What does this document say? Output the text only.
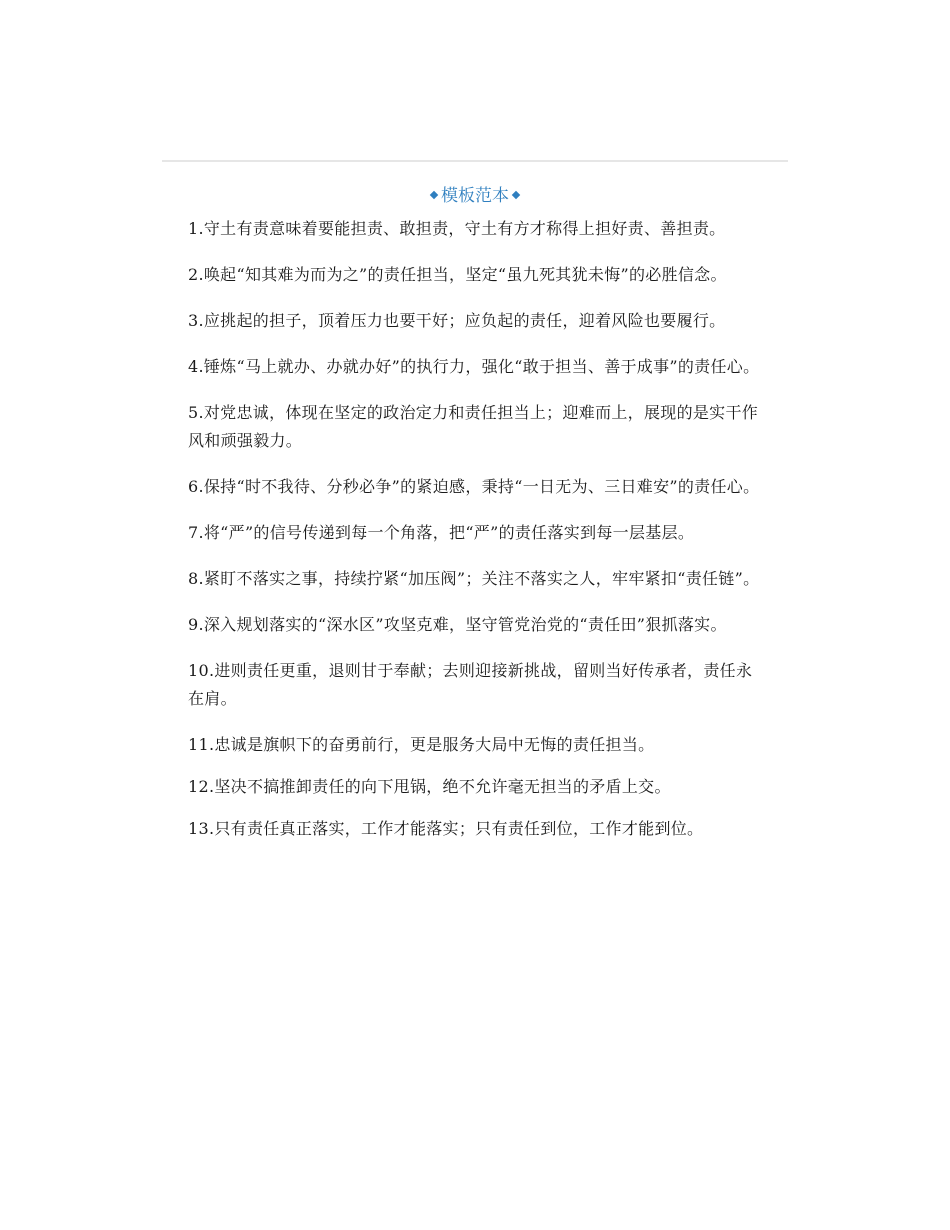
模板范本
1.守土有责意味着要能担责、敢担责，守土有方才称得上担好责、善担责。
2.唤起“知其难为而为之”的责任担当，坚定“虽九死其犹未悔”的必胜信念。
3.应挑起的担子，顶着压力也要干好；应负起的责任，迎着风险也要履行。
4.锤炼“马上就办、办就办好”的执行力，强化“敢于担当、善于成事”的责任心。
5.对党忠诚，体现在坚定的政治定力和责任担当上；迎难而上，展现的是实干作风和顽强毅力。
6.保持“时不我待、分秒必争”的紧迫感，秉持“一日无为、三日难安”的责任心。
7.将“严”的信号传递到每一个角落，把“严”的责任落实到每一层基层。
8.紧盯不落实之事，持续拧紧“加压阀”；关注不落实之人，牢牢紧扣“责任链”。
9.深入规划落实的“深水区”攻坚克难，坚守管党治党的“责任田”狠抓落实。
10.进则责任更重，退则甘于奉献；去则迎接新挑战，留则当好传承者，责任永在肩。
11.忠诚是旗帜下的奋勇前行，更是服务大局中无悔的责任担当。
12.坚决不搞推卸责任的向下甩锅，绝不允许毫无担当的矛盾上交。
13.只有责任真正落实，工作才能落实；只有责任到位，工作才能到位。
